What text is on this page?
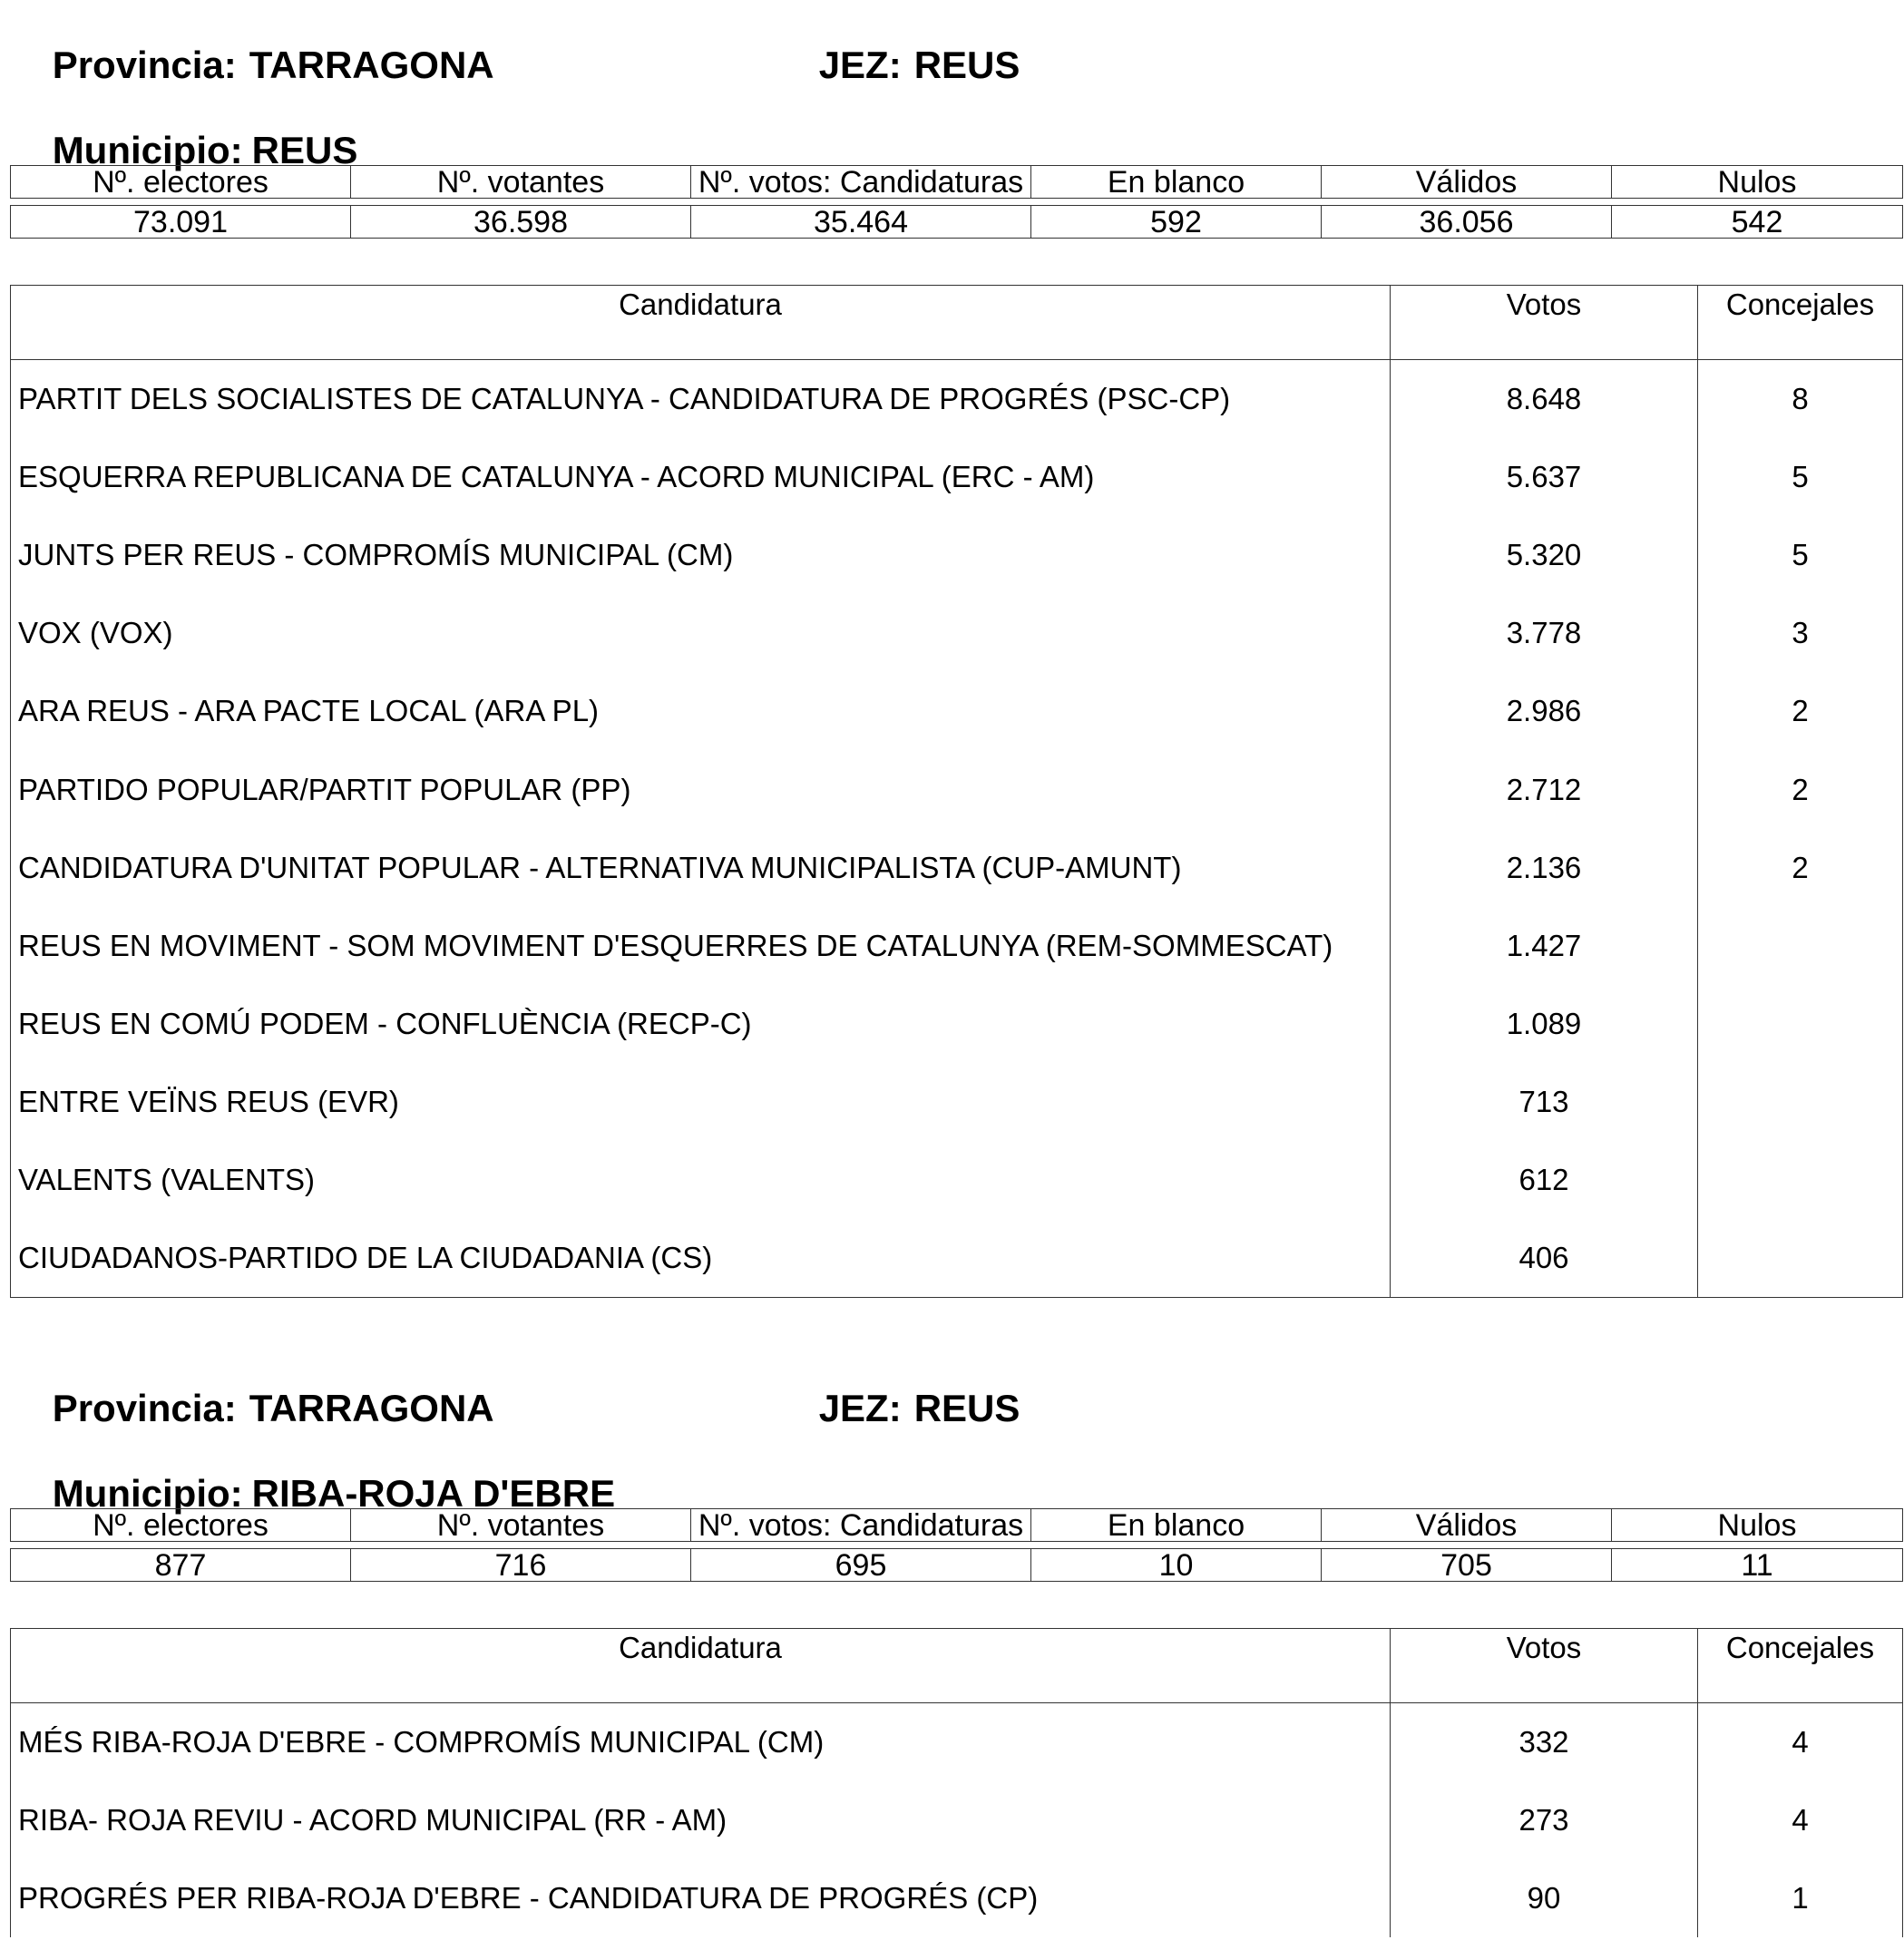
Provincia: TARRAGONA
	JEZ: REUS

Municipio: REUS

Nº. electores	Nº. votantes	Nº. votos: Candidaturas	En blanco	Válidos	Nulos

73.091	36.598	35.464	592	36.056	542
Candidatura	Votos	Concejales
PARTIT DELS SOCIALISTES DE CATALUNYA - CANDIDATURA DE PROGRÉS (PSC-CP)	8.648	8
ESQUERRA REPUBLICANA DE CATALUNYA - ACORD MUNICIPAL (ERC - AM)	5.637	5
JUNTS PER REUS - COMPROMÍS MUNICIPAL (CM)	5.320	5
VOX (VOX)	3.778	3
ARA REUS - ARA PACTE LOCAL (ARA PL)	2.986	2
PARTIDO POPULAR/PARTIT POPULAR (PP)	2.712	2
CANDIDATURA D'UNITAT POPULAR - ALTERNATIVA MUNICIPALISTA (CUP-AMUNT)	2.136	2
REUS EN MOVIMENT - SOM MOVIMENT D'ESQUERRES DE CATALUNYA (REM-SOMMESCAT)	1.427	
REUS EN COMÚ PODEM - CONFLUÈNCIA (RECP-C)	1.089	
ENTRE VEÏNS REUS (EVR)	713	
VALENTS (VALENTS)	612	
CIUDADANOS-PARTIDO DE LA CIUDADANIA (CS)	406	

Provincia: TARRAGONA
	JEZ: REUS

Municipio: RIBA-ROJA D'EBRE

Nº. electores	Nº. votantes	Nº. votos: Candidaturas	En blanco	Válidos	Nulos

877	716	695	10	705	11
Candidatura	Votos	Concejales
MÉS RIBA-ROJA D'EBRE - COMPROMÍS MUNICIPAL (CM)	332	4
RIBA- ROJA REVIU - ACORD MUNICIPAL (RR - AM)	273	4
PROGRÉS PER RIBA-ROJA D'EBRE - CANDIDATURA DE PROGRÉS (CP)	90	1
